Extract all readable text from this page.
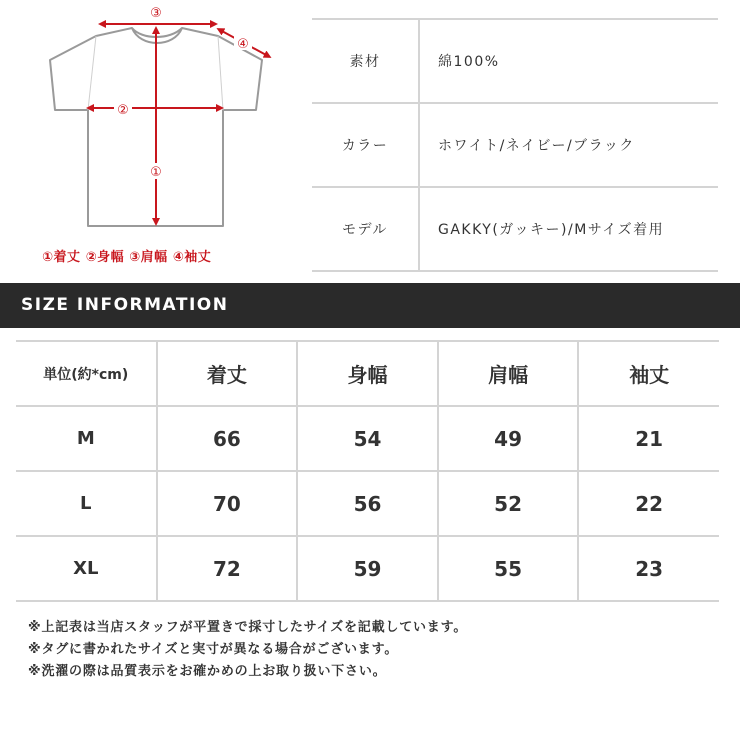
③
④
②
①
①着丈 ②身幅 ③肩幅 ④袖丈
素材	綿100%
カラー	ホワイト/ネイビー/ブラック
モデル	GAKKY(ガッキー)/Mサイズ着用
SIZE INFORMATION
単位(約*cm)	着丈	身幅	肩幅	袖丈
M	66	54	49	21
L	70	56	52	22
XL	72	59	55	23
※上記表は当店スタッフが平置きで採寸したサイズを記載しています。
※タグに書かれたサイズと実寸が異なる場合がございます。
※洗濯の際は品質表示をお確かめの上お取り扱い下さい。
